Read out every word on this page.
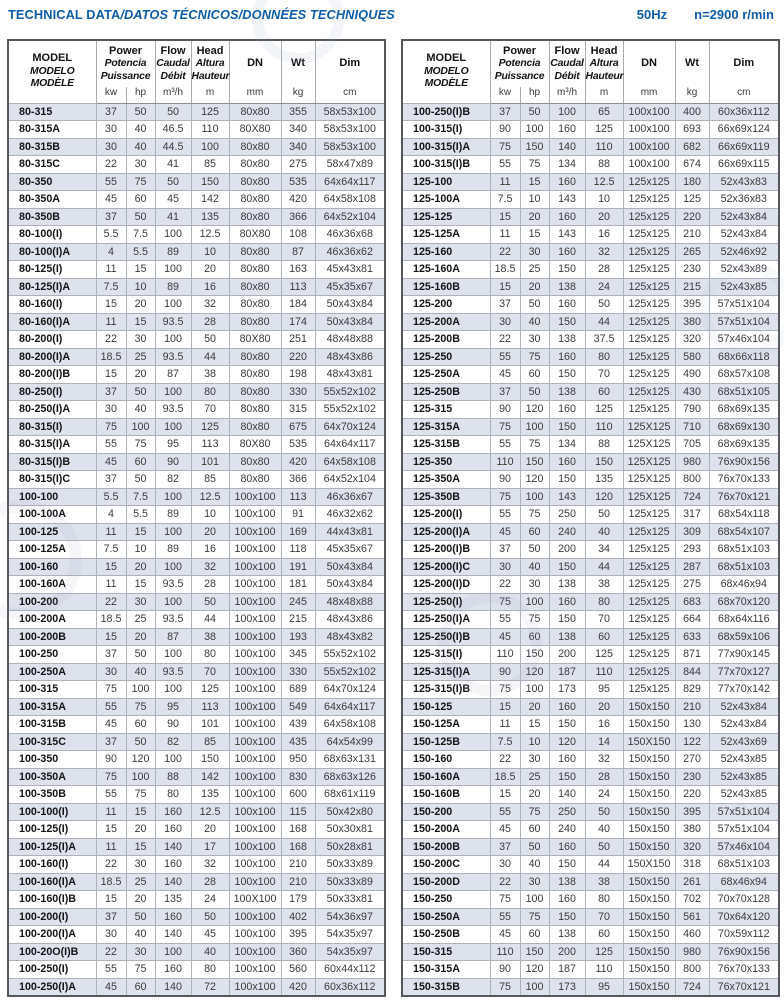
TECHNICAL DATA/DATOS TÉCNICOS/DONNÉES TECHNIQUES	50Hz n=2900 r/min
MODEL
MODELO
MODÈLE	Power
Potencia
Puissance		Flow
Caudal
Débit	Head
Altura
Hauteur	DN	Wt	Dim
	kw	hp	m³/h	m	mm	kg	cm
80-315	37	50	50	125	80x80	355	58x53x100
80-315A	30	40	46.5	110	80X80	340	58x53x100
80-315B	30	40	44.5	100	80x80	340	58x53x100
80-315C	22	30	41	85	80x80	275	58x47x89
80-350	55	75	50	150	80x80	535	64x64x117
80-350A	45	60	45	142	80x80	420	64x58x108
80-350B	37	50	41	135	80x80	366	64x52x104
80-100(I)	5.5	7.5	100	12.5	80X80	108	46x36x68
80-100(I)A	4	5.5	89	10	80x80	87	46x36x62
80-125(I)	11	15	100	20	80x80	163	45x43x81
80-125(I)A	7.5	10	89	16	80x80	113	45x35x67
80-160(I)	15	20	100	32	80x80	184	50x43x84
80-160(I)A	11	15	93.5	28	80x80	174	50x43x84
80-200(I)	22	30	100	50	80X80	251	48x48x88
80-200(I)A	18.5	25	93.5	44	80x80	220	48x43x86
80-200(I)B	15	20	87	38	80x80	198	48x43x81
80-250(I)	37	50	100	80	80x80	330	55x52x102
80-250(I)A	30	40	93.5	70	80x80	315	55x52x102
80-315(I)	75	100	100	125	80x80	675	64x70x124
80-315(I)A	55	75	95	113	80X80	535	64x64x117
80-315(I)B	45	60	90	101	80x80	420	64x58x108
80-315(I)C	37	50	82	85	80x80	366	64x52x104
100-100	5.5	7.5	100	12.5	100x100	113	46x36x67
100-100A	4	5.5	89	10	100x100	91	46x32x62
100-125	11	15	100	20	100x100	169	44x43x81
100-125A	7.5	10	89	16	100x100	118	45x35x67
100-160	15	20	100	32	100x100	191	50x43x84
100-160A	11	15	93.5	28	100x100	181	50x43x84
100-200	22	30	100	50	100x100	245	48x48x88
100-200A	18.5	25	93.5	44	100x100	215	48x43x86
100-200B	15	20	87	38	100x100	193	48x43x82
100-250	37	50	100	80	100x100	345	55x52x102
100-250A	30	40	93.5	70	100x100	330	55x52x102
100-315	75	100	100	125	100x100	689	64x70x124
100-315A	55	75	95	113	100x100	549	64x64x117
100-315B	45	60	90	101	100x100	439	64x58x108
100-315C	37	50	82	85	100x100	435	64x54x99
100-350	90	120	100	150	100x100	950	68x63x131
100-350A	75	100	88	142	100x100	830	68x63x126
100-350B	55	75	80	135	100x100	600	68x61x119
100-100(I)	11	15	160	12.5	100x100	115	50x42x80
100-125(I)	15	20	160	20	100x100	168	50x30x81
100-125(I)A	11	15	140	17	100x100	168	50x28x81
100-160(I)	22	30	160	32	100x100	210	50x33x89
100-160(I)A	18.5	25	140	28	100x100	210	50x33x89
100-160(I)B	15	20	135	24	100X100	179	50x33x81
100-200(I)	37	50	160	50	100x100	402	54x36x97
100-200(I)A	30	40	140	45	100x100	395	54x35x97
100-20O(I)B	22	30	100	40	100x100	360	54x35x97
100-250(I)	55	75	160	80	100x100	560	60x44x112
100-250(I)A	45	60	140	72	100x100	420	60x36x112
MODEL
MODELO
MODÈLE	Power
Potencia
Puissance		Flow
Caudal
Débit	Head
Altura
Hauteur	DN	Wt	Dim
	kw	hp	m³/h	m	mm	kg	cm
100-250(I)B	37	50	100	65	100x100	400	60x36x112
100-315(I)	90	100	160	125	100x100	693	66x69x124
100-315(I)A	75	150	140	110	100x100	682	66x69x119
100-315(I)B	55	75	134	88	100x100	674	66x69x115
125-100	11	15	160	12.5	125x125	180	52x43x83
125-100A	7.5	10	143	10	125x125	125	52x36x83
125-125	15	20	160	20	125x125	220	52x43x84
125-125A	11	15	143	16	125x125	210	52x43x84
125-160	22	30	160	32	125x125	265	52x46x92
125-160A	18.5	25	150	28	125x125	230	52x43x89
125-160B	15	20	138	24	125x125	215	52x43x85
125-200	37	50	160	50	125x125	395	57x51x104
125-200A	30	40	150	44	125x125	380	57x51x104
125-200B	22	30	138	37.5	125x125	320	57x46x104
125-250	55	75	160	80	125x125	580	68x66x118
125-250A	45	60	150	70	125x125	490	68x57x108
125-250B	37	50	138	60	125x125	430	68x51x105
125-315	90	120	160	125	125x125	790	68x69x135
125-315A	75	100	150	110	125X125	710	68x69x130
125-315B	55	75	134	88	125X125	705	68x69x135
125-350	110	150	160	150	125X125	980	76x90x156
125-350A	90	120	150	135	125X125	800	76x70x133
125-350B	75	100	143	120	125X125	724	76x70x121
125-200(I)	55	75	250	50	125x125	317	68x54x118
125-200(I)A	45	60	240	40	125x125	309	68x54x107
125-200(I)B	37	50	200	34	125x125	293	68x51x103
125-200(I)C	30	40	150	44	125x125	287	68x51x103
125-200(I)D	22	30	138	38	125x125	275	68x46x94
125-250(I)	75	100	160	80	125x125	683	68x70x120
125-250(I)A	55	75	150	70	125x125	664	68x64x116
125-250(I)B	45	60	138	60	125x125	633	68x59x106
125-315(I)	110	150	200	125	125x125	871	77x90x145
125-315(I)A	90	120	187	110	125x125	844	77x70x127
125-315(I)B	75	100	173	95	125x125	829	77x70x142
150-125	15	20	160	20	150x150	210	52x43x84
150-125A	11	15	150	16	150x150	130	52x43x84
150-125B	7.5	10	120	14	150X150	122	52x43x69
150-160	22	30	160	32	150x150	270	52x43x85
150-160A	18.5	25	150	28	150x150	230	52x43x85
150-160B	15	20	140	24	150x150	220	52x43x85
150-200	55	75	250	50	150x150	395	57x51x104
150-200A	45	60	240	40	150x150	380	57x51x104
150-200B	37	50	160	50	150x150	320	57x46x104
150-200C	30	40	150	44	150X150	318	68x51x103
150-200D	22	30	138	38	150x150	261	68x46x94
150-250	75	100	160	80	150x150	702	70x70x128
150-250A	55	75	150	70	150x150	561	70x64x120
150-250B	45	60	138	60	150x150	460	70x59x112
150-315	110	150	200	125	150x150	980	76x90x156
150-315A	90	120	187	110	150x150	800	76x70x133
150-315B	75	100	173	95	150x150	724	76x70x121
